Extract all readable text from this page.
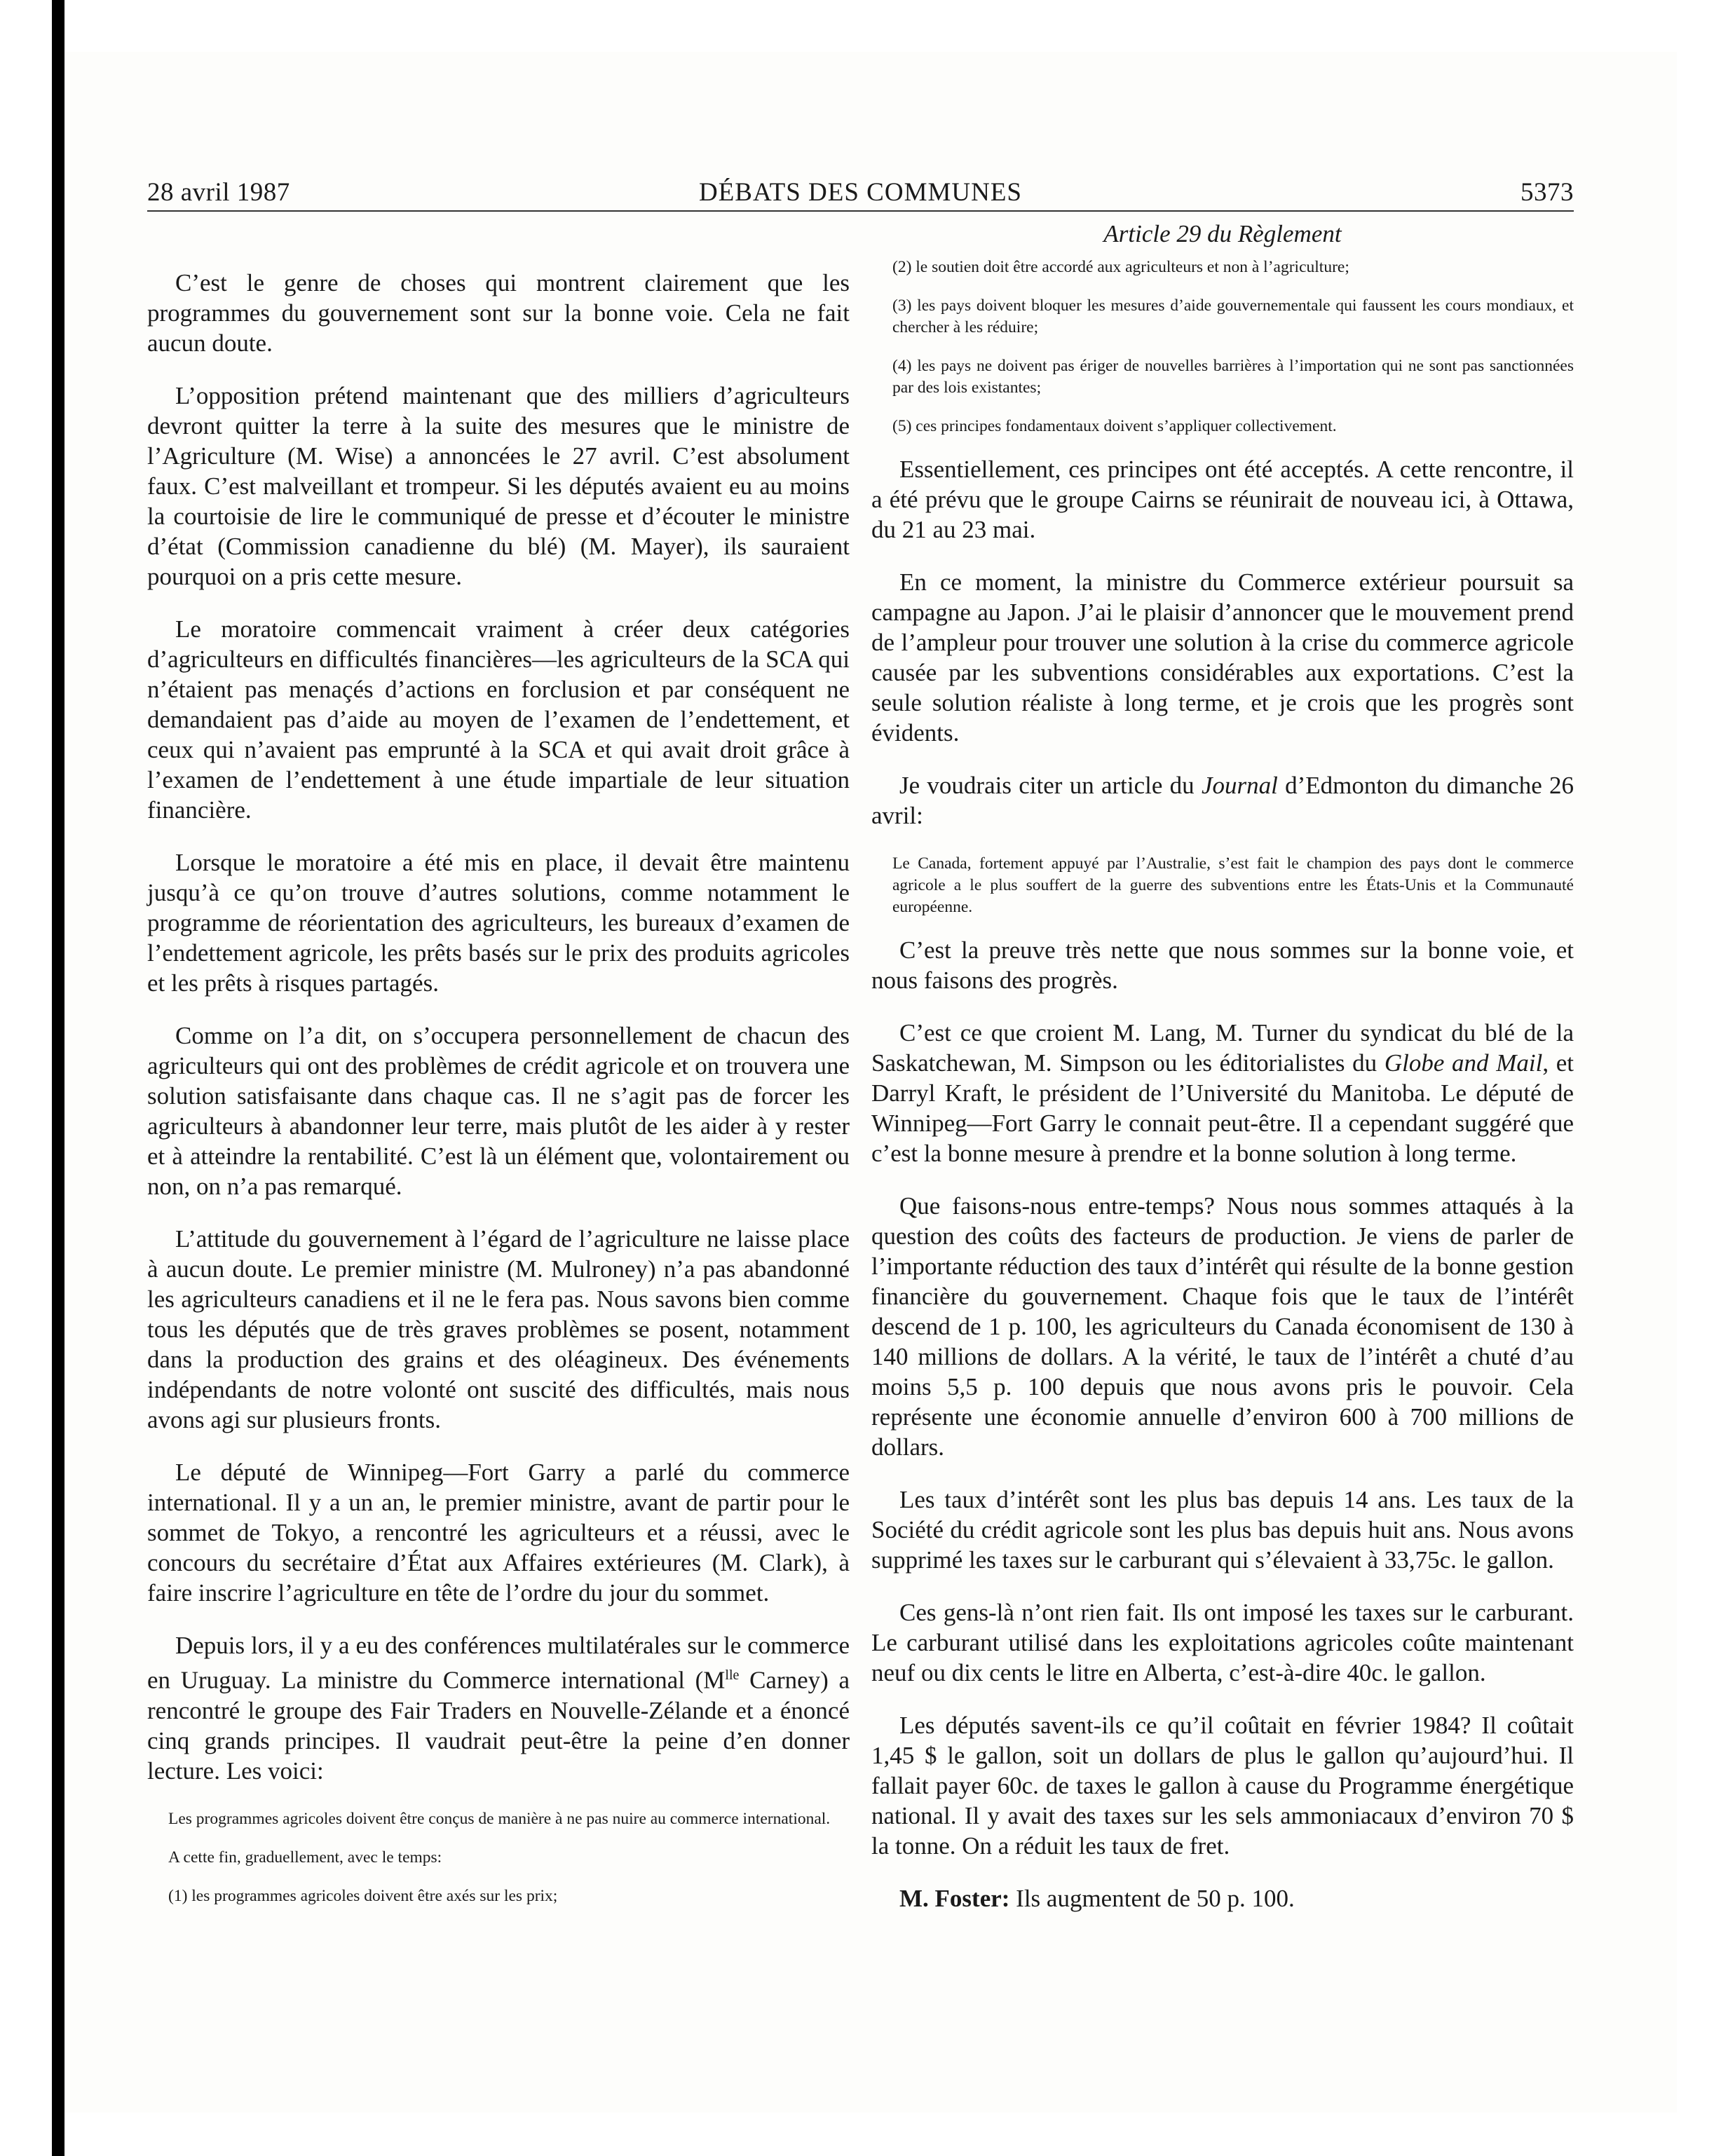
28 avril 1987	DÉBATS DES COMMUNES	5373

C’est le genre de choses qui montrent clairement que les programmes du gouvernement sont sur la bonne voie. Cela ne fait aucun doute.

L’opposition prétend maintenant que des milliers d’agriculteurs devront quitter la terre à la suite des mesures que le ministre de l’Agriculture (M. Wise) a annoncées le 27 avril. C’est absolument faux. C’est malveillant et trompeur. Si les députés avaient eu au moins la courtoisie de lire le communiqué de presse et d’écouter le ministre d’état (Commission canadienne du blé) (M. Mayer), ils sauraient pourquoi on a pris cette mesure.

Le moratoire commencait vraiment à créer deux catégories d’agriculteurs en difficultés financières—les agriculteurs de la SCA qui n’étaient pas menaçés d’actions en forclusion et par conséquent ne demandaient pas d’aide au moyen de l’examen de l’endettement, et ceux qui n’avaient pas emprunté à la SCA et qui avait droit grâce à l’examen de l’endettement à une étude impartiale de leur situation financière.

Lorsque le moratoire a été mis en place, il devait être maintenu jusqu’à ce qu’on trouve d’autres solutions, comme notamment le programme de réorientation des agriculteurs, les bureaux d’examen de l’endettement agricole, les prêts basés sur le prix des produits agricoles et les prêts à risques partagés.

Comme on l’a dit, on s’occupera personnellement de chacun des agriculteurs qui ont des problèmes de crédit agricole et on trouvera une solution satisfaisante dans chaque cas. Il ne s’agit pas de forcer les agriculteurs à abandonner leur terre, mais plutôt de les aider à y rester et à atteindre la rentabilité. C’est là un élément que, volontairement ou non, on n’a pas remarqué.

L’attitude du gouvernement à l’égard de l’agriculture ne laisse place à aucun doute. Le premier ministre (M. Mulroney) n’a pas abandonné les agriculteurs canadiens et il ne le fera pas. Nous savons bien comme tous les députés que de très graves problèmes se posent, notamment dans la production des grains et des oléagineux. Des événements indépendants de notre volonté ont suscité des difficultés, mais nous avons agi sur plusieurs fronts.

Le député de Winnipeg—Fort Garry a parlé du commerce international. Il y a un an, le premier ministre, avant de partir pour le sommet de Tokyo, a rencontré les agriculteurs et a réussi, avec le concours du secrétaire d’État aux Affaires extérieures (M. Clark), à faire inscrire l’agriculture en tête de l’ordre du jour du sommet.

Depuis lors, il y a eu des conférences multilatérales sur le commerce en Uruguay. La ministre du Commerce international ($M^{lle}$ Carney) a rencontré le groupe des Fair Traders en Nouvelle-Zélande et a énoncé cinq grands principes. Il vaudrait peut-être la peine d’en donner lecture. Les voici:

Les programmes agricoles doivent être conçus de manière à ne pas nuire au commerce international.

A cette fin, graduellement, avec le temps:

(1) les programmes agricoles doivent être axés sur les prix;

Article 29 du Règlement

(2) le soutien doit être accordé aux agriculteurs et non à l’agriculture;

(3) les pays doivent bloquer les mesures d’aide gouvernementale qui faussent les cours mondiaux, et chercher à les réduire;

(4) les pays ne doivent pas ériger de nouvelles barrières à l’importation qui ne sont pas sanctionnées par des lois existantes;

(5) ces principes fondamentaux doivent s’appliquer collectivement.

Essentiellement, ces principes ont été acceptés. A cette rencontre, il a été prévu que le groupe Cairns se réunirait de nouveau ici, à Ottawa, du 21 au 23 mai.

En ce moment, la ministre du Commerce extérieur poursuit sa campagne au Japon. J’ai le plaisir d’annoncer que le mouvement prend de l’ampleur pour trouver une solution à la crise du commerce agricole causée par les subventions considérables aux exportations. C’est la seule solution réaliste à long terme, et je crois que les progrès sont évidents.

Je voudrais citer un article du Journal d’Edmonton du dimanche 26 avril:

Le Canada, fortement appuyé par l’Australie, s’est fait le champion des pays dont le commerce agricole a le plus souffert de la guerre des subventions entre les États-Unis et la Communauté européenne.

C’est la preuve très nette que nous sommes sur la bonne voie, et nous faisons des progrès.

C’est ce que croient M. Lang, M. Turner du syndicat du blé de la Saskatchewan, M. Simpson ou les éditorialistes du Globe and Mail, et Darryl Kraft, le président de l’Université du Manitoba. Le député de Winnipeg—Fort Garry le connait peut-être. Il a cependant suggéré que c’est la bonne mesure à prendre et la bonne solution à long terme.

Que faisons-nous entre-temps? Nous nous sommes attaqués à la question des coûts des facteurs de production. Je viens de parler de l’importante réduction des taux d’intérêt qui résulte de la bonne gestion financière du gouvernement. Chaque fois que le taux de l’intérêt descend de 1 p. 100, les agriculteurs du Canada économisent de 130 à 140 millions de dollars. A la vérité, le taux de l’intérêt a chuté d’au moins 5,5 p. 100 depuis que nous avons pris le pouvoir. Cela représente une économie annuelle d’environ 600 à 700 millions de dollars.

Les taux d’intérêt sont les plus bas depuis 14 ans. Les taux de la Société du crédit agricole sont les plus bas depuis huit ans. Nous avons supprimé les taxes sur le carburant qui s’élevaient à 33,75c. le gallon.

Ces gens-là n’ont rien fait. Ils ont imposé les taxes sur le carburant. Le carburant utilisé dans les exploitations agricoles coûte maintenant neuf ou dix cents le litre en Alberta, c’est-à-dire 40c. le gallon.

Les députés savent-ils ce qu’il coûtait en février 1984? Il coûtait 1,45 $ le gallon, soit un dollars de plus le gallon qu’aujourd’hui. Il fallait payer 60c. de taxes le gallon à cause du Programme énergétique national. Il y avait des taxes sur les sels ammoniacaux d’environ 70 $ la tonne. On a réduit les taux de fret.

M. Foster: Ils augmentent de 50 p. 100.
